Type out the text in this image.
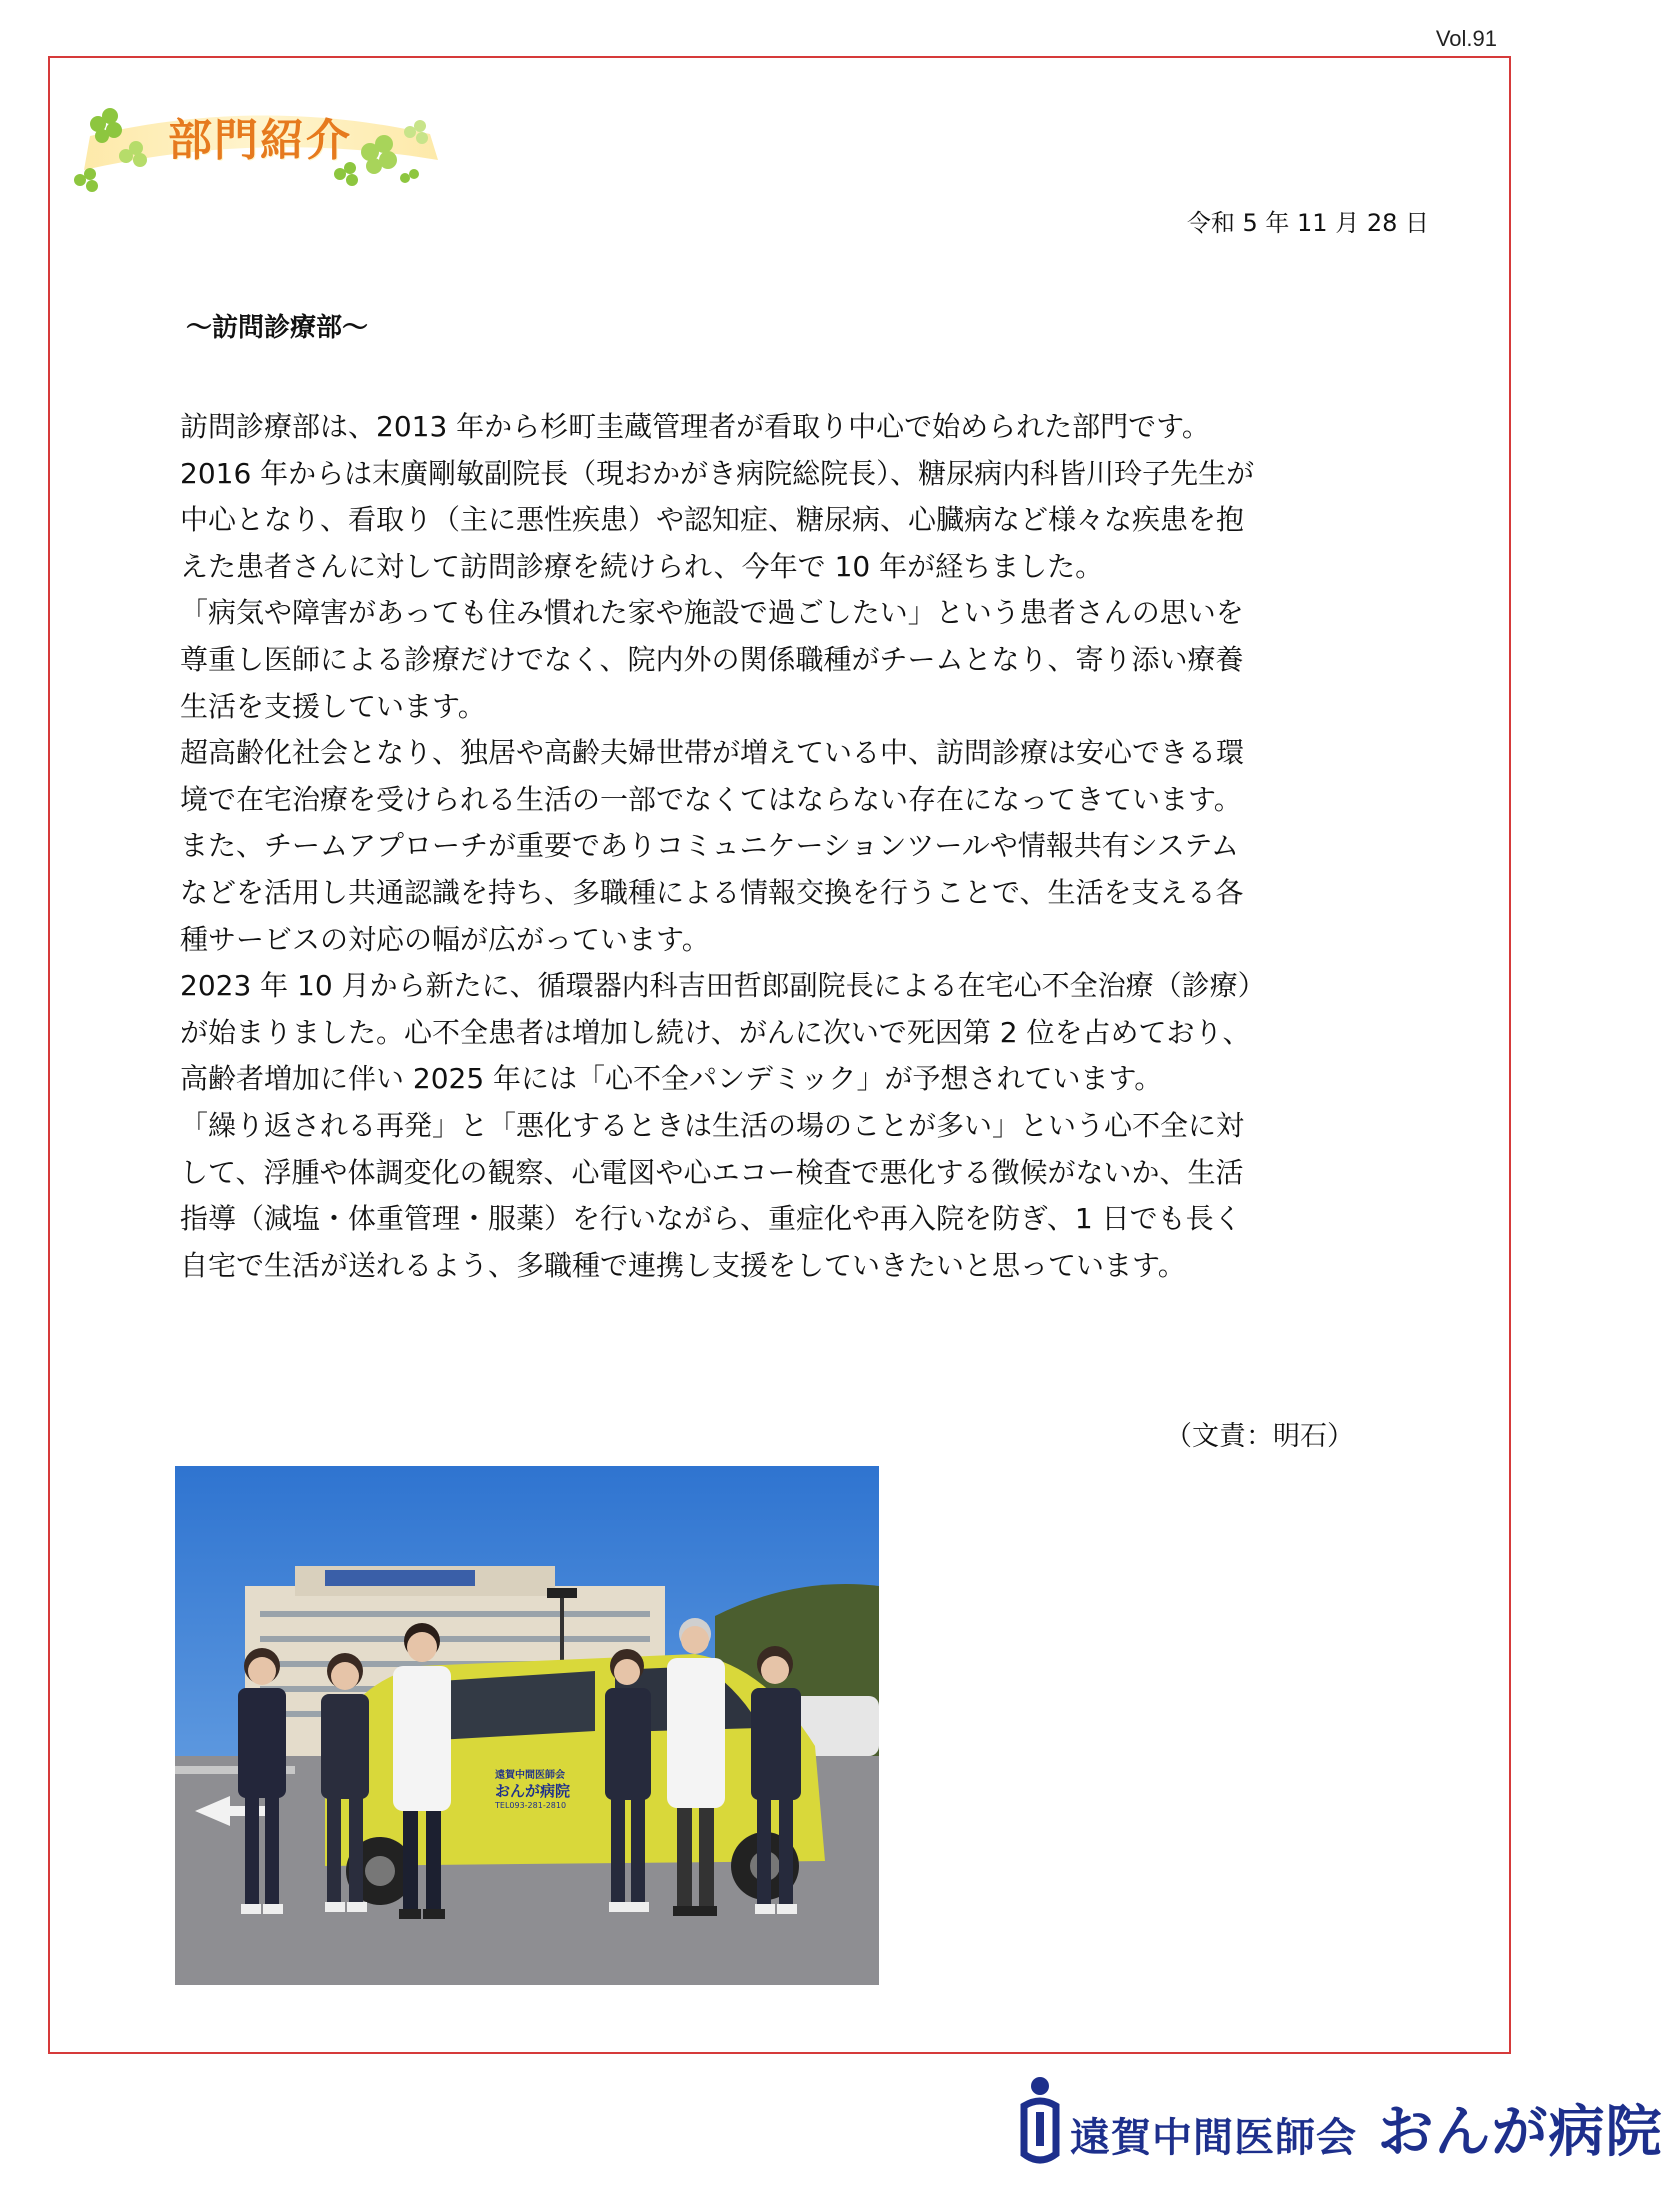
Vol.91
部門紹介
令和 5 年 11 月 28 日
～訪問診療部～
訪問診療部は、2013 年から杉町圭蔵管理者が看取り中心で始められた部門です。
2016 年からは末廣剛敏副院長（現おかがき病院総院長）、糖尿病内科皆川玲子先生が
中心となり、看取り（主に悪性疾患）や認知症、糖尿病、心臓病など様々な疾患を抱
えた患者さんに対して訪問診療を続けられ、今年で 10 年が経ちました。
「病気や障害があっても住み慣れた家や施設で過ごしたい」という患者さんの思いを
尊重し医師による診療だけでなく、院内外の関係職種がチームとなり、寄り添い療養
生活を支援しています。
超高齢化社会となり、独居や高齢夫婦世帯が増えている中、訪問診療は安心できる環
境で在宅治療を受けられる生活の一部でなくてはならない存在になってきています。
また、チームアプローチが重要でありコミュニケーションツールや情報共有システム
などを活用し共通認識を持ち、多職種による情報交換を行うことで、生活を支える各
種サービスの対応の幅が広がっています。
2023 年 10 月から新たに、循環器内科吉田哲郎副院長による在宅心不全治療（診療）
が始まりました。心不全患者は増加し続け、がんに次いで死因第 2 位を占めており、
高齢者増加に伴い 2025 年には「心不全パンデミック」が予想されています。
「繰り返される再発」と「悪化するときは生活の場のことが多い」という心不全に対
して、浮腫や体調変化の観察、心電図や心エコー検査で悪化する徴候がないか、生活
指導（減塩・体重管理・服薬）を行いながら、重症化や再入院を防ぎ、1 日でも長く
自宅で生活が送れるよう、多職種で連携し支援をしていきたいと思っています。
（文責：明石）
遠賀中間医師会
おんが病院
TEL093-281-2810
遠賀中間医師会 おんが病院
